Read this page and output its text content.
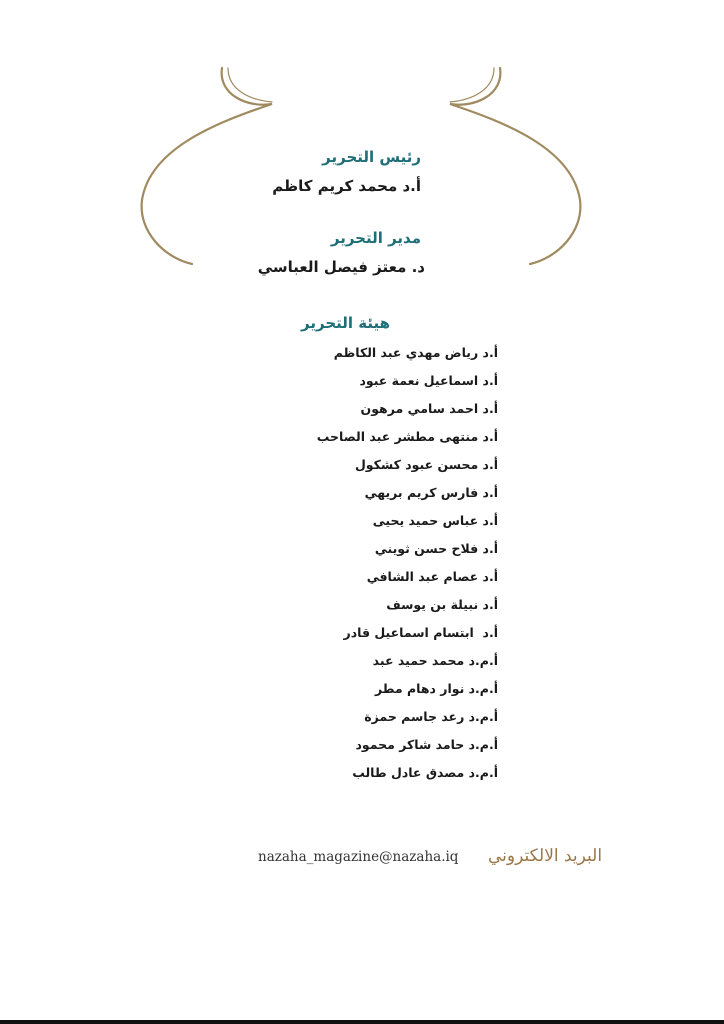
رئيس التحرير
أ.د محمد كريم كاظم
مدير التحرير
د. معتز فيصل العباسي
هيئة التحرير
أ.د رياض مهدي عبد الكاظم
أ.د اسماعيل نعمة عبود
أ.د احمد سامي مرهون
أ.د منتهى مطشر عبد الصاحب
أ.د محسن عبود كشكول
أ.د فارس كريم بريهي
أ.د عباس حميد يحيى
أ.د فلاح حسن ثويني
أ.د عصام عبد الشافي
أ.د نبيلة بن يوسف
أ.د  ابتسام اسماعيل قادر
أ.م.د محمد حميد عبد
أ.م.د نوار دهام مطر
أ.م.د رعد جاسم حمزة
أ.م.د حامد شاكر محمود
أ.م.د مصدق عادل طالب
nazaha_magazine@nazaha.iq البريد الالكتروني
